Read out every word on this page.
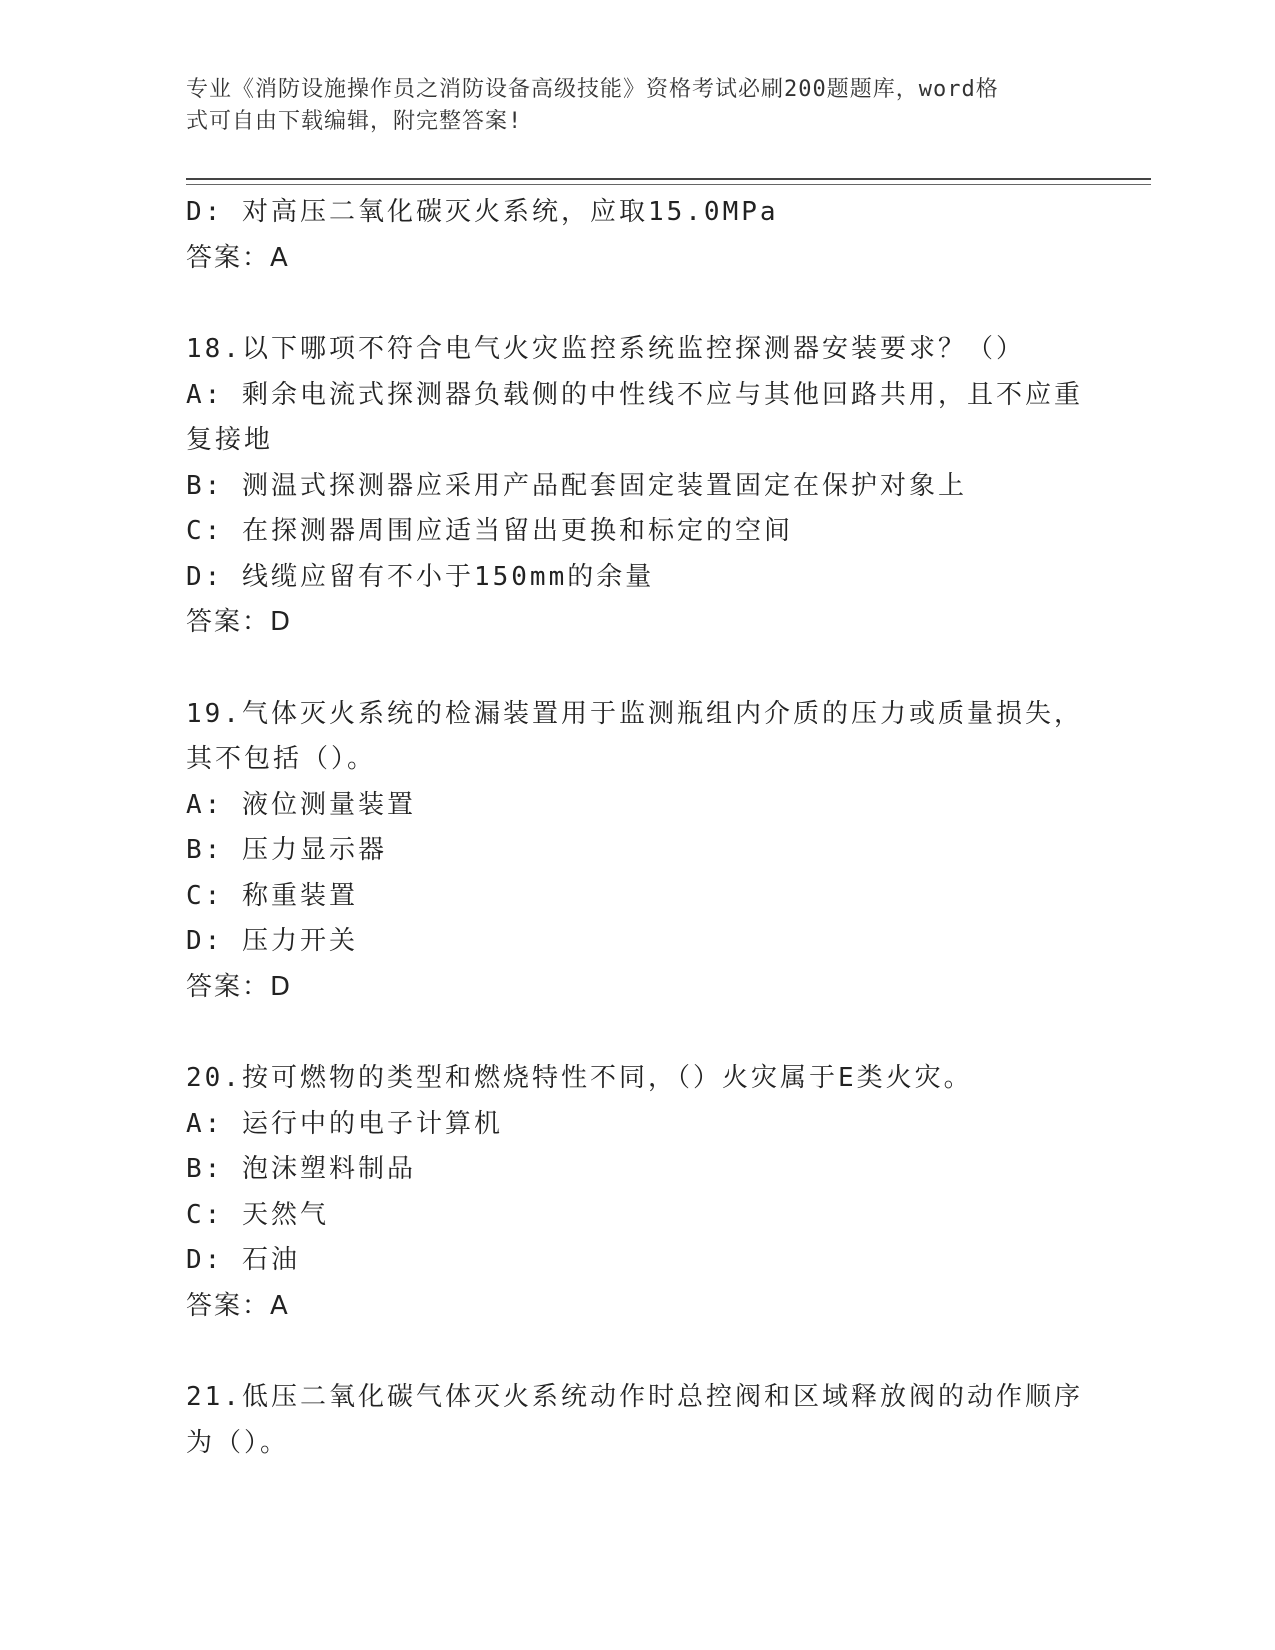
专业《消防设施操作员之消防设备高级技能》资格考试必刷200题题库，word格
式可自由下载编辑，附完整答案!
D: 对高压二氧化碳灭火系统，应取15.0MPa
答案：A
18.以下哪项不符合电气火灾监控系统监控探测器安装要求？（）
A: 剩余电流式探测器负载侧的中性线不应与其他回路共用，且不应重
复接地
B: 测温式探测器应采用产品配套固定装置固定在保护对象上
C: 在探测器周围应适当留出更换和标定的空间
D: 线缆应留有不小于150mm的余量
答案：D
19.气体灭火系统的检漏装置用于监测瓶组内介质的压力或质量损失，
其不包括（）。
A: 液位测量装置
B: 压力显示器
C: 称重装置
D: 压力开关
答案：D
20.按可燃物的类型和燃烧特性不同，（）火灾属于E类火灾。
A: 运行中的电子计算机
B: 泡沫塑料制品
C: 天然气
D: 石油
答案：A
21.低压二氧化碳气体灭火系统动作时总控阀和区域释放阀的动作顺序
为（）。
